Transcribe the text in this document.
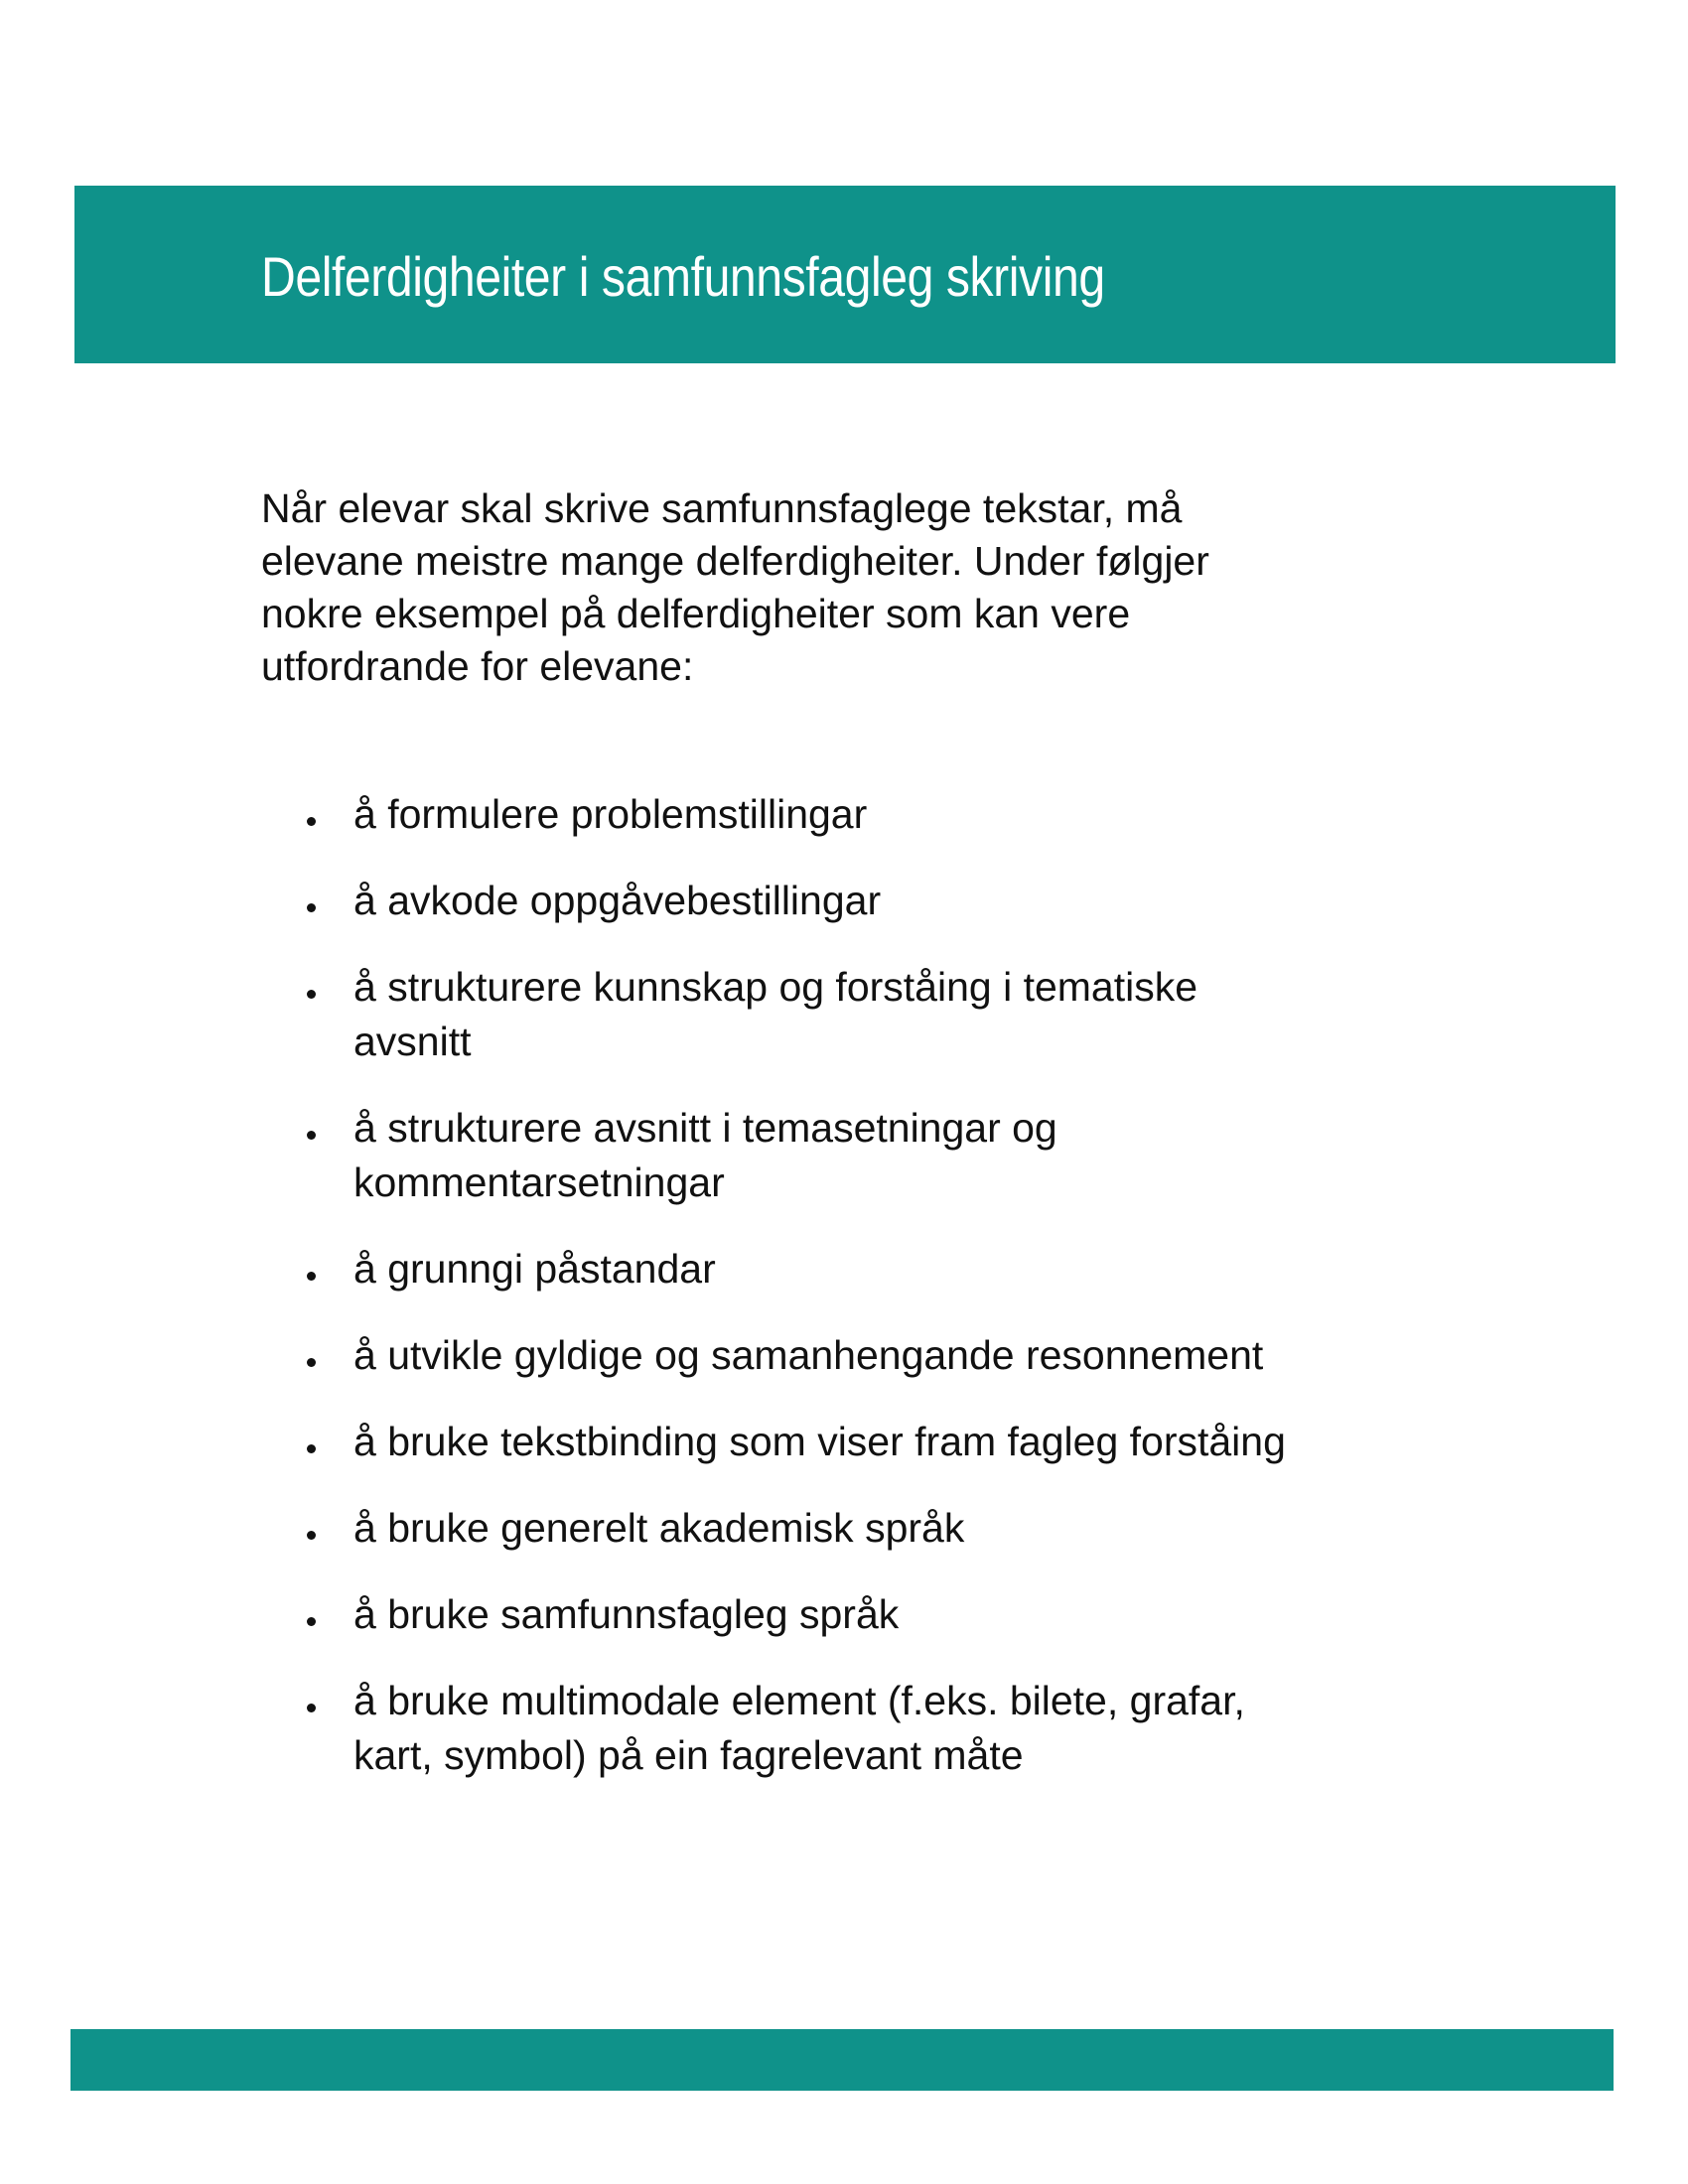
Delferdigheiter i samfunnsfagleg skriving

Når elevar skal skrive samfunnsfaglege tekstar, må
elevane meistre mange delferdigheiter. Under følgjer
nokre eksempel på delferdigheiter som kan vere
utfordrande for elevane:

å formulere problemstillingar
å avkode oppgåvebestillingar
å strukturere kunnskap og forståing i tematiske
avsnitt
å strukturere avsnitt i temasetningar og
kommentarsetningar
å grunngi påstandar
å utvikle gyldige og samanhengande resonnement
å bruke tekstbinding som viser fram fagleg forståing
å bruke generelt akademisk språk
å bruke samfunnsfagleg språk
å bruke multimodale element (f.eks. bilete, grafar,
kart, symbol) på ein fagrelevant måte
